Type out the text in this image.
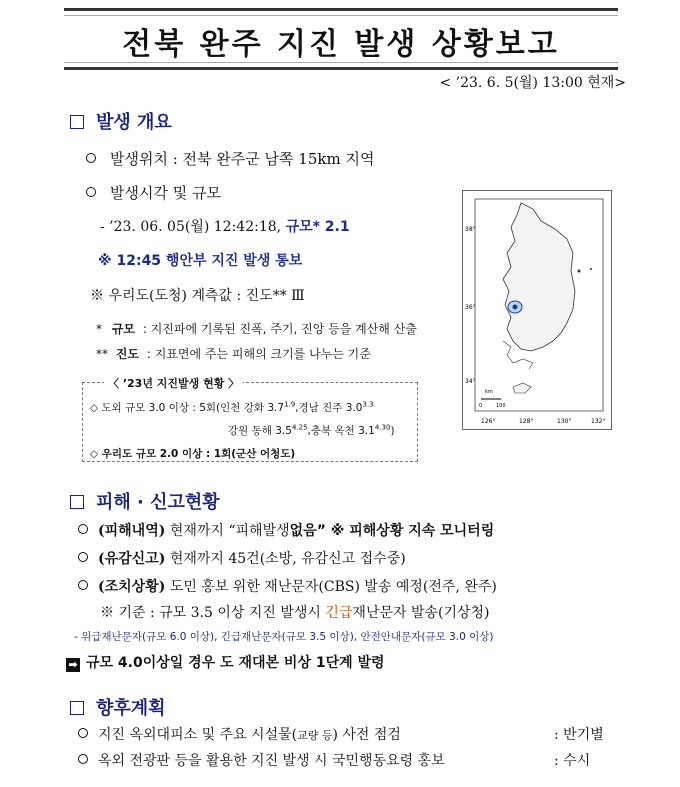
전북 완주 지진 발생 상황보고
< ’23. 6. 5(월) 13:00 현재>
발생 개요
발생위치 : 전북 완주군 남쪽 15km 지역
발생시각 및 규모
- ’23. 06. 05(월) 12:42:18, 규모* 2.1
※ 12:45 행안부 지진 발생 통보
※ 우리도(도청) 계측값 : 진도** Ⅲ
* 규모 : 지진파에 기록된 진폭, 주기, 진앙 등을 계산해 산출
** 진도 : 지표면에 주는 피해의 크기를 나누는 기준
〈 ’23년 지진발생 현황 〉
◇ 도외 규모 3.0 이상 : 5회(인천 강화 $3.7^{1.9}$,경남 진주 $3.0^{3.3.}$
강원 동해 $3.5^{4.25}$,충북 옥천 $3.1^{4.30}$)
◇ 우리도 규모 2.0 이상 : 1회(군산 어청도)
38°
36°
34°
126°	128°	130°	132°
km
0	100
피해 · 신고현황
(피해내역) 현재까지 “피해발생없음” ※ 피해상황 지속 모니터링
(유감신고) 현재까지 45건(소방, 유감신고 접수중)
(조치상황) 도민 홍보 위한 재난문자(CBS) 발송 예정(전주, 완주)
※ 기준 : 규모 3.5 이상 지진 발생시 긴급재난문자 발송(기상청)
- 위급재난문자(규모 6.0 이상), 긴급재난문자(규모 3.5 이상), 안전안내문자(규모 3.0 이상)
➡ 규모 4.0이상일 경우 도 재대본 비상 1단계 발령
향후계획
지진 옥외대피소 및 주요 시설물(교량 등) 사전 점검	: 반기별
옥외 전광판 등을 활용한 지진 발생 시 국민행동요령 홍보	: 수시
